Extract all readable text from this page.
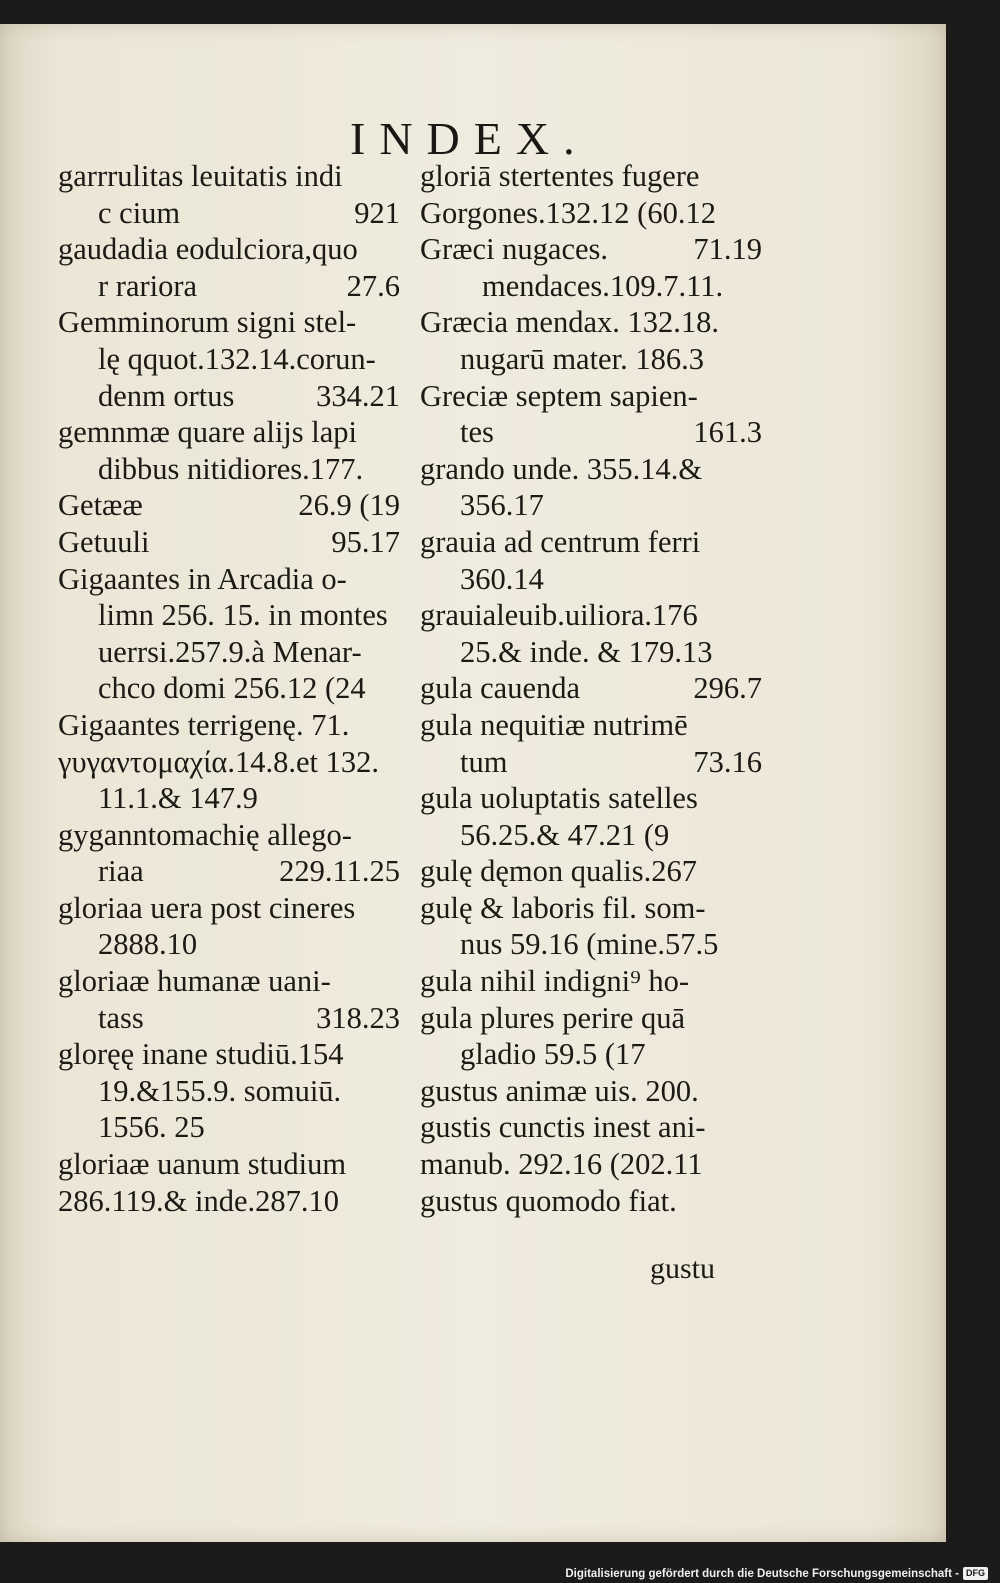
INDEX.
garrrulitas leuitatis indi
c cium	921
gaudadia eodulciora,quo
r rariora	27.6
Gemminorum signi stel-
lę qquot.132.14.corun-
denm ortus	334.21
gemnmæ quare alijs lapi
dibbus nitidiores.177.
Getææ	26.9 (19
Getuuli	95.17
Gigaantes in Arcadia o-
limn 256. 15. in montes
uerrsi.257.9.à Menar-
chco domi 256.12 (24
Gigaantes terrigenę. 71.
γυγαντομαχία.14.8.et 132.
11.1.& 147.9
gyganntomachię allego-
riaa	229.11.25
gloriaa uera post cineres
2888.10
gloriaæ humanæ uani-
tass	318.23
gloręę inane studiū.154
19.&155.9. somuiū.
1556. 25
gloriaæ uanum studium
286.119.& inde.287.10
gloriā stertentes fugere
Gorgones.132.12 (60.12
Græci nugaces.	71.19
mendaces.109.7.11.
Græcia mendax. 132.18.
nugarū mater. 186.3
Greciæ septem sapien-
tes	161.3
grando unde. 355.14.&
356.17
grauia ad centrum ferri
360.14
grauialeuib.uiliora.176
25.& inde. & 179.13
gula cauenda	296.7
gula nequitiæ nutrimē
tum	73.16
gula uoluptatis satelles
56.25.& 47.21 (9
gulę dęmon qualis.267
gulę & laboris fil. som-
nus 59.16 (mine.57.5
gula nihil indigni⁹ ho-
gula plures perire quā
gladio 59.5 (17
gustus animæ uis. 200.
gustis cunctis inest ani-
manub. 292.16 (202.11
gustus quomodo fiat.
gustu
Digitalisierung gefördert durch die Deutsche Forschungsgemeinschaft - DFG
